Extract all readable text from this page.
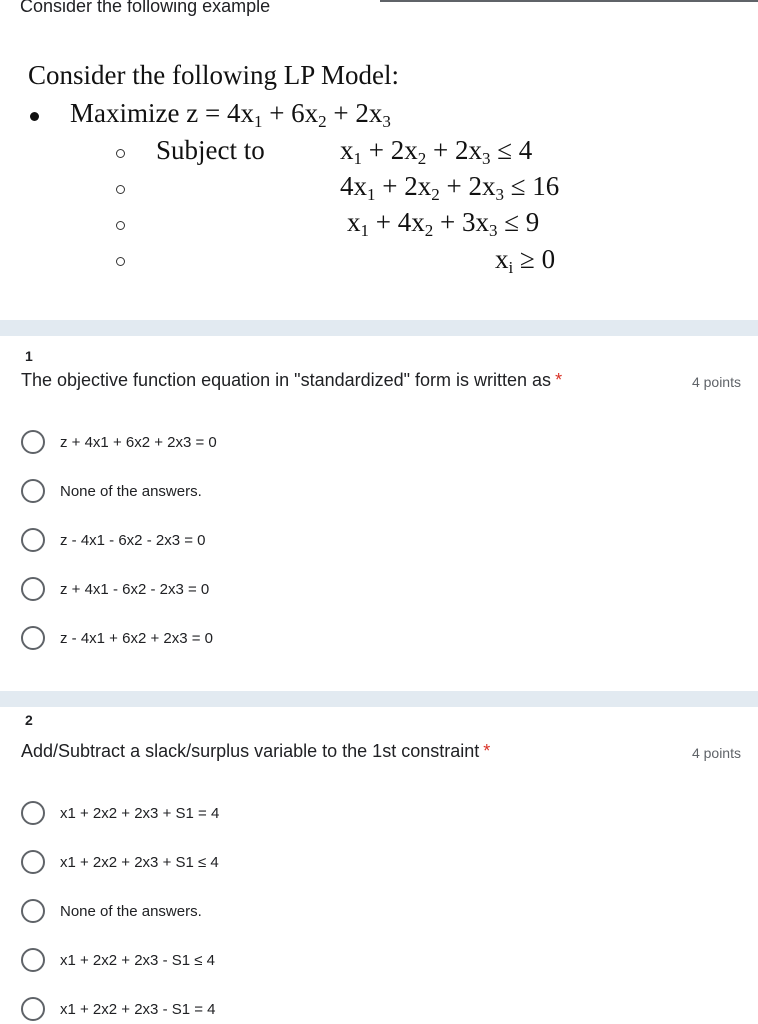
Consider the following example
Consider the following LP Model:
Maximize $z = 4x_1 + 6x_2 + 2x_3$
Subject to	$x_1 + 2x_2 + 2x_3 \le 4$
$4x_1 + 2x_2 + 2x_3 \le 16$
$x_1 + 4x_2 + 3x_3 \le 9$
$x_i \ge 0$
1
The objective function equation in "standardized" form is written as *	4 points
z + 4x1 + 6x2 + 2x3 = 0
None of the answers.
z - 4x1 - 6x2 - 2x3 = 0
z + 4x1 - 6x2 - 2x3 = 0
z - 4x1 + 6x2 + 2x3 = 0
2
Add/Subtract a slack/surplus variable to the 1st constraint *	4 points
x1 + 2x2 + 2x3 + S1 = 4
x1 + 2x2 + 2x3 + S1 ≤ 4
None of the answers.
x1 + 2x2 + 2x3 - S1 ≤ 4
x1 + 2x2 + 2x3 - S1 = 4
